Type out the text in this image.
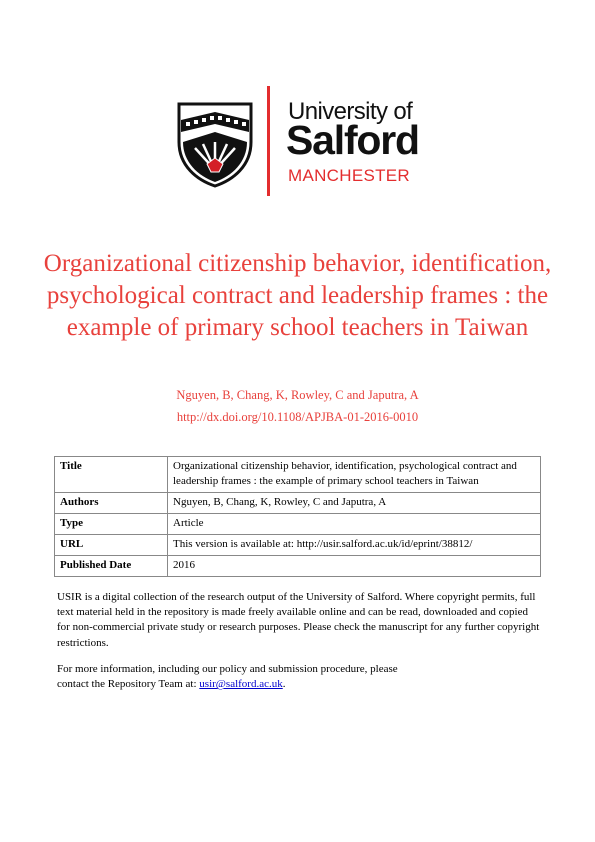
University of
Salford
MANCHESTER
Organizational citizenship behavior, identification, psychological contract and leadership frames : the example of primary school teachers in Taiwan
Nguyen, B, Chang, K, Rowley, C and Japutra, A
http://dx.doi.org/10.1108/APJBA-01-2016-0010
Title	Organizational citizenship behavior, identification, psychological contract and leadership frames : the example of primary school teachers in Taiwan
Authors	Nguyen, B, Chang, K, Rowley, C and Japutra, A
Type	Article
URL	This version is available at: http://usir.salford.ac.uk/id/eprint/38812/
Published Date	2016
USIR is a digital collection of the research output of the University of Salford. Where copyright permits, full text material held in the repository is made freely available online and can be read, downloaded and copied for non-commercial private study or research purposes. Please check the manuscript for any further copyright restrictions.
For more information, including our policy and submission procedure, please
contact the Repository Team at: usir@salford.ac.uk.
